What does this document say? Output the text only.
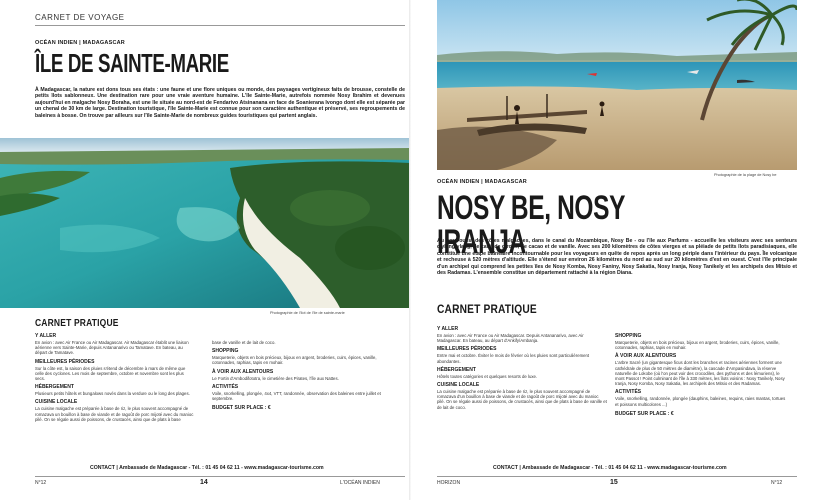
CARNET DE VOYAGE
OCÉAN INDIEN | MADAGASCAR
ÎLE DE SAINTE-MARIE

À Madagascar, la nature est dons tous ses états : une faune et une flore uniques ou monde, des paysages vertigineux faits de brousse, constelle de petits îlots sablonneux. Une destination rare pour une vraie aventure humaine. L'île Sainte-Marie, autrefois nommée Nosy Ibrahim et devenues aujourd'hui en malgache Nosy Boraha, est une île située au nord-est de Fendarivo Atsinanana en face de Soanierana Ivongo dont elle est séparée par un chenal de 30 km de large. Destination touristique, l'île Sainte-Marie est connue pour son caractère authentique et préservé, ses regroupements de baleines à bosse. On trouve par ailleurs sur l'île Sainte-Marie de nombreux guides touristiques qui partent anglais.

Photographie de l'îlot de l'île de sainte-marie
CARNET PRATIQUE

Y ALLER

En avion : avec Air France ou Air Madagascar. Air Madagascar établit une liaison aérienne vers Sainte-Marie, depuis Antananarivo ou Tamatave. En bateau, au départ de Tamatave.

MEILLEURES PÉRIODES

Sur la côte est, la saison des pluies s'étend de décembre à mars de même que celle des cyclones. Les mois de septembre, octobre et novembre sont les plus secs.

HÉBERGEMENT

Plusieurs petits hôtels et bungalows novés dans la verdure ou le long des plages.

CUISINE LOCALE

La cuisine malgache est préparée à base de riz, le plus souvent accompagné de romazava un bouillon à base de viande et de ragoût de porc mijoté avec du manioc pilé. On se régale aussi de poissons, de crustacés, ainsi que de plats à base

base de vanille et de lait de coco.

SHOPPING

Marqueterie, objets en bois précieux, bijoux en argent, broderies, cuirs, épices, vanille, cotonnades, raphias, tapis en mohair.

À VOIR AUX ALENTOURS

Le Fortin d'Ambodifototra, le cimetière des Pirates, l'île aux Nattes.

ACTIVITÉS

Voile, snorkelling, plongée, 4x4, VTT, randonnée, observation des baleines entre juillet et septembre.

BUDGET SUR PLACE : €

CONTACT | Ambassade de Madagascar - Tél. : 01 45 04 62 11 - www.madagascar-tourisme.com
N°12	14	L'OCÉAN INDIEN
Photographie de la plage de Nosy be
OCÉAN INDIEN | MADAGASCAR
NOSY BE, NOSY IRANJA

Au nord-ouest des côtes malgaches, dans le canal du Mozambique, Nosy Be - ou l'île aux Parfums - accueille les visiteurs avec ses senteurs d'ylang-ylang, de café, de girofle, de cacao et de vanille. Avec ses 200 kilomètres de côtes vierges et sa pléiade de petits îlots paradisiaques, elle constitue une étape balnéaire incontournable pour les voyageurs en quête de repos après un long périple dans l'intérieur du pays. Île volcanique et recheuse à 520 mètres d'altitude. Elle s'étend sur environ 26 kilomètres du nord au sud sur 20 kilomètres d'est en ouest. C'est l'île principale d'un archipel qui comprend les petites îles de Nosy Komba, Nosy Faniny, Nosy Sakatia, Nosy Iranja, Nosy Tanikely et les archipels des Mitsio et des Radamas. L'ensemble constitue un département rattaché à la région Diana.

CARNET PRATIQUE

Y ALLER

En avion : avec Air France ou Air Madagascar. Depuis Antananarivo, avec Air Madagascar. En bateau, au départ d'Ankify/Ambanja.

MEILLEURES PÉRIODES

Entre mai et octobre. Éviter le mois de février où les pluies sont particulièrement abondantes.

HÉBERGEMENT

Hôtels toutes catégories et quelques resorts de luxe.

CUISINE LOCALE

La cuisine malgache est préparée à base de riz, le plus souvent accompagné de romazava d'un bouillon à base de viande et de ragoût de porc mijoté avec du manioc pilé. On se régale aussi de poissons, de crustacés, ainsi que de plats à base de vanille et de lait de coco.

SHOPPING

Marqueterie, objets en bois précieux, bijoux en argent, broderies, cuirs, épices, vanille, cotonnades, raphias, tapis en mohair.

À VOIR AUX ALENTOURS

L'arbre Sacré (un gigantesque ficus dont les branches et racines aériennes forment une cathédrale de plus de 50 mètres de diamètre), la cascade d'Ampasindava, la réserve naturelle de Lokobe (où l'on peut voir des crocodiles, des pythons et des lémuriens), le mont Passot ! Point culminant de l'île à 330 mètres, les îlots voisins : Nosy Tanikely, Nosy Iranja, Nosy Komba, Nosy Sakatia, les archipels des Mitsio et des Radamas.

ACTIVITÉS

Voile, snorkelling, randonnée, plongée (dauphins, baleines, requins, raies mantas, tortues et poissons multicolores ...)

BUDGET SUR PLACE : €

CONTACT | Ambassade de Madagascar - Tél. : 01 45 04 62 11 - www.madagascar-tourisme.com
HORIZON	15	N°12
